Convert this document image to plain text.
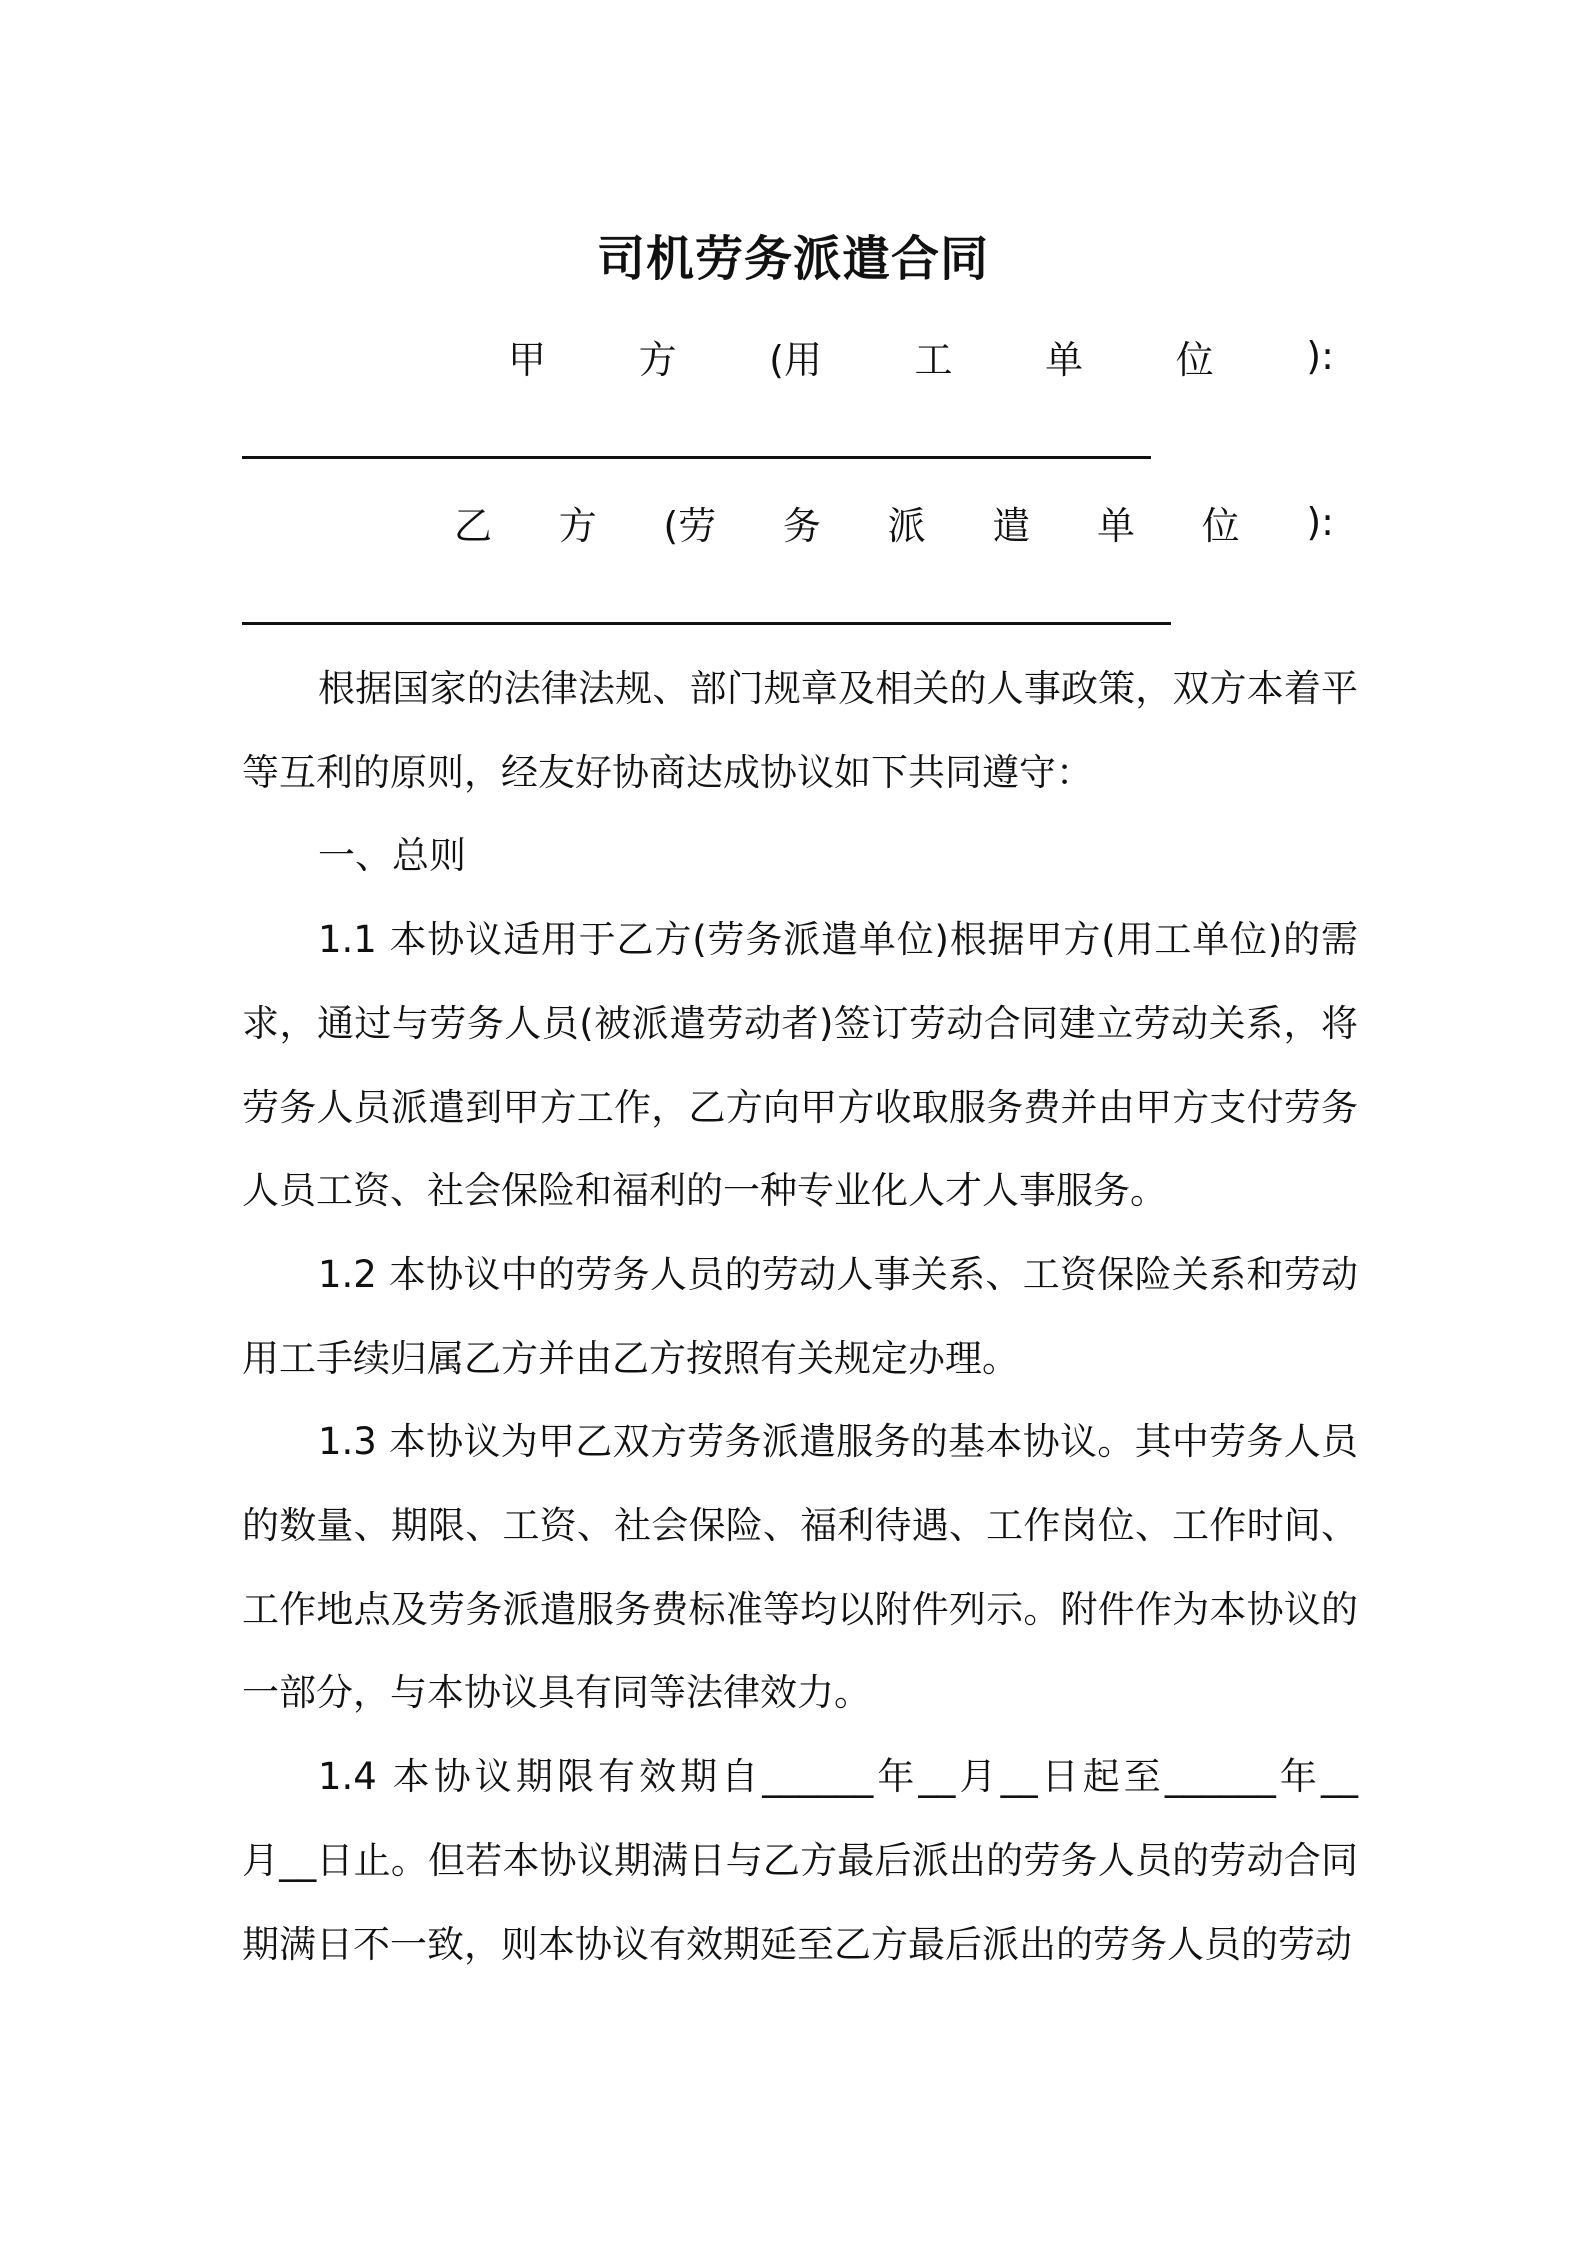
司机劳务派遣合同
甲 方 (用 工 单 位 ):
乙 方 (劳 务 派 遣 单 位 ):
根据国家的法律法规、部门规章及相关的人事政策，双方本着平
等互利的原则，经友好协商达成协议如下共同遵守：
一、总则
1.1 本协议适用于乙方(劳务派遣单位)根据甲方(用工单位)的需
求，通过与劳务人员(被派遣劳动者)签订劳动合同建立劳动关系，将
劳务人员派遣到甲方工作，乙方向甲方收取服务费并由甲方支付劳务
人员工资、社会保险和福利的一种专业化人才人事服务。
1.2 本协议中的劳务人员的劳动人事关系、工资保险关系和劳动
用工手续归属乙方并由乙方按照有关规定办理。
1.3 本协议为甲乙双方劳务派遣服务的基本协议。其中劳务人员
的数量、期限、工资、社会保险、福利待遇、工作岗位、工作时间、
工作地点及劳务派遣服务费标准等均以附件列示。附件作为本协议的
一部分，与本协议具有同等法律效力。
1.4 本协议期限有效期自______年__月__日起至______年__
月__日止。但若本协议期满日与乙方最后派出的劳务人员的劳动合同
期满日不一致，则本协议有效期延至乙方最后派出的劳务人员的劳动
